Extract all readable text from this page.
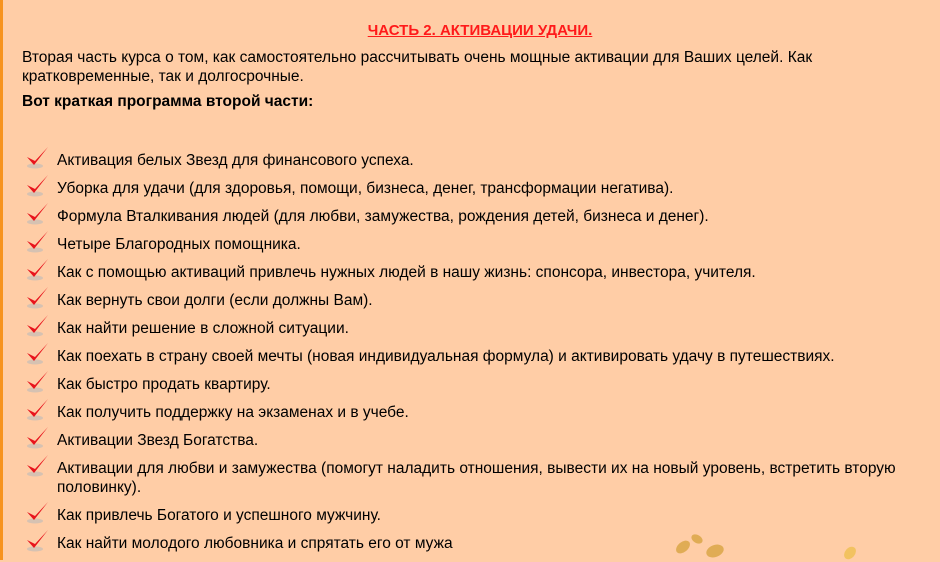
ЧАСТЬ 2. АКТИВАЦИИ УДАЧИ.
Вторая часть курса о том, как самостоятельно рассчитывать очень мощные активации для Ваших целей. Как кратковременные, так и долгосрочные.
Вот краткая программа второй части:
Активация белых Звезд для финансового успеха.
Уборка для удачи (для здоровья, помощи, бизнеса, денег, трансформации негатива).
Формула Вталкивания людей (для любви, замужества, рождения детей, бизнеса и денег).
Четыре Благородных помощника.
Как с помощью активаций привлечь нужных людей в нашу жизнь: спонсора, инвестора, учителя.
Как вернуть свои долги (если должны Вам).
Как найти решение в сложной ситуации.
Как поехать в страну своей мечты (новая индивидуальная формула) и активировать удачу в путешествиях.
Как быстро продать квартиру.
Как получить поддержку на экзаменах и в учебе.
Активации Звезд Богатства.
Активации для любви и замужества (помогут наладить отношения, вывести их на новый уровень, встретить вторую половинку).
Как привлечь Богатого и успешного мужчину.
Как найти молодого любовника и спрятать его от мужа
